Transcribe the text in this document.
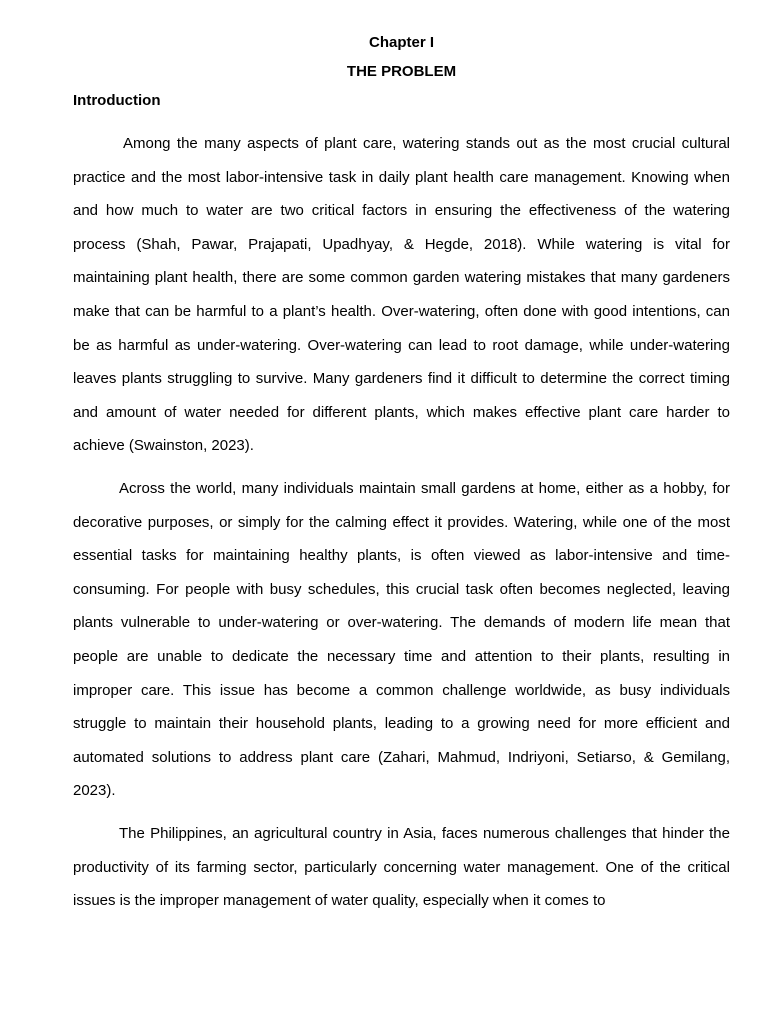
Chapter I
THE PROBLEM
Introduction

Among the many aspects of plant care, watering stands out as the most crucial cultural practice and the most labor-intensive task in daily plant health care management. Knowing when and how much to water are two critical factors in ensuring the effectiveness of the watering process (Shah, Pawar, Prajapati, Upadhyay, & Hegde, 2018). While watering is vital for maintaining plant health, there are some common garden watering mistakes that many gardeners make that can be harmful to a plant’s health. Over-watering, often done with good intentions, can be as harmful as under-watering. Over-watering can lead to root damage, while under-watering leaves plants struggling to survive. Many gardeners find it difficult to determine the correct timing and amount of water needed for different plants, which makes effective plant care harder to achieve (Swainston, 2023).

Across the world, many individuals maintain small gardens at home, either as a hobby, for decorative purposes, or simply for the calming effect it provides. Watering, while one of the most essential tasks for maintaining healthy plants, is often viewed as labor-intensive and time-consuming. For people with busy schedules, this crucial task often becomes neglected, leaving plants vulnerable to under-watering or over-watering. The demands of modern life mean that people are unable to dedicate the necessary time and attention to their plants, resulting in improper care. This issue has become a common challenge worldwide, as busy individuals struggle to maintain their household plants, leading to a growing need for more efficient and automated solutions to address plant care (Zahari, Mahmud, Indriyoni, Setiarso, & Gemilang, 2023).

The Philippines, an agricultural country in Asia, faces numerous challenges that hinder the productivity of its farming sector, particularly concerning water management. One of the critical issues is the improper management of water quality, especially when it comes to
